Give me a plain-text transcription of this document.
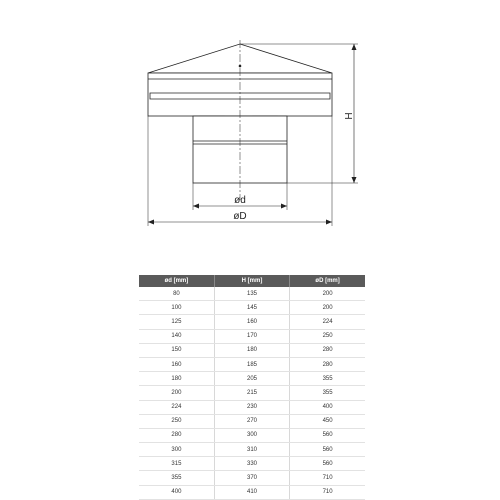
H
ød
øD
ød [mm]	H [mm]	øD [mm]
80	135	200
100	145	200
125	160	224
140	170	250
150	180	280
160	185	280
180	205	355
200	215	355
224	230	400
250	270	450
280	300	560
300	310	560
315	330	560
355	370	710
400	410	710
